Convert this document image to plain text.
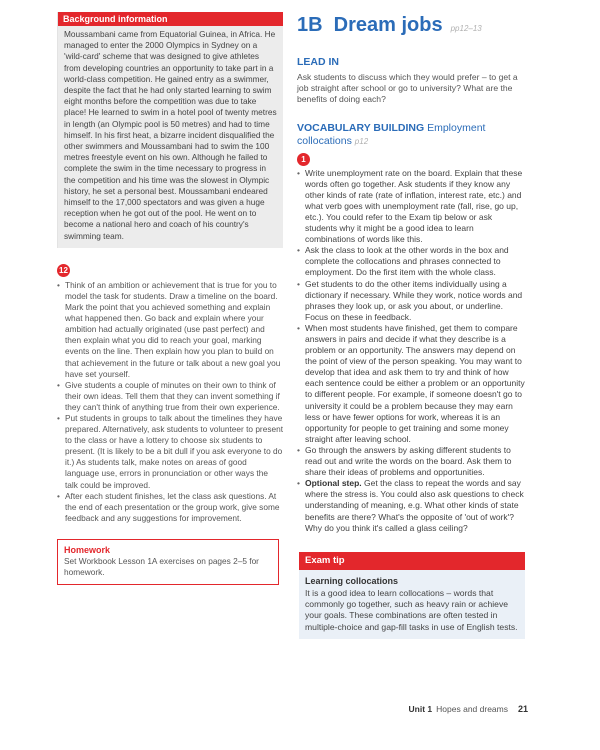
Background information
Moussambani came from Equatorial Guinea, in Africa. He managed to enter the 2000 Olympics in Sydney on a 'wild-card' scheme that was designed to give athletes from developing countries an opportunity to take part in a world-class competition. He gained entry as a swimmer, despite the fact that he had only started learning to swim eight months before the competition was due to take place! He learned to swim in a hotel pool of twenty metres in length (an Olympic pool is 50 metres) and had to time himself. In his first heat, a bizarre incident disqualified the other swimmers and Moussambani had to swim the 100 metres freestyle event on his own. Although he failed to complete the swim in the time necessary to progress in the competition and his time was the slowest in Olympic history, he set a personal best. Moussambani endeared himself to the 17,000 spectators and was given a huge reception when he got out of the pool. He went on to become a national hero and coach of his country's swimming team.
12
• Think of an ambition or achievement that is true for you to model the task for students. Draw a timeline on the board. Mark the point that you achieved something and explain what happened then. Go back and explain where your ambition had actually originated (use past perfect) and then explain what you did to reach your goal, marking events on the line. Then explain how you plan to build on that achievement in the future or talk about a new goal you have set yourself.
• Give students a couple of minutes on their own to think of their own ideas. Tell them that they can invent something if they can't think of anything true from their own experience.
• Put students in groups to talk about the timelines they have prepared. Alternatively, ask students to volunteer to present to the class or have a lottery to choose six students to present. (It is likely to be a bit dull if you ask everyone to do it.) As students talk, make notes on areas of good language use, errors in pronunciation or other ways the talk could be improved.
• After each student finishes, let the class ask questions. At the end of each presentation or the group work, give some feedback and any suggestions for improvement.
Homework
Set Workbook Lesson 1A exercises on pages 2–5 for homework.
1B  Dream jobs pp12–13
LEAD IN
Ask students to discuss which they would prefer – to get a job straight after school or go to university? What are the benefits of doing each?
VOCABULARY BUILDING Employment collocations p12
1
• Write unemployment rate on the board. Explain that these words often go together. Ask students if they know any other kinds of rate (rate of inflation, interest rate, etc.) and what verb goes with unemployment rate (fall, rise, go up, etc.). You could refer to the Exam tip below or ask students why it might be a good idea to learn combinations of words like this.
• Ask the class to look at the other words in the box and complete the collocations and phrases connected to employment. Do the first item with the whole class.
• Get students to do the other items individually using a dictionary if necessary. While they work, notice words and phrases they look up, or ask you about, or underline. Focus on these in feedback.
• When most students have finished, get them to compare answers in pairs and decide if what they describe is a problem or an opportunity. The answers may depend on the point of view of the person speaking. You may want to develop that idea and ask them to try and think of how each sentence could be either a problem or an opportunity to different people. For example, if someone doesn't go to university it could be a problem because they may earn less or have fewer options for work, whereas it is an opportunity for people to get training and some money straight after leaving school.
• Go through the answers by asking different students to read out and write the words on the board. Ask them to share their ideas of problems and opportunities.
• Optional step. Get the class to repeat the words and say where the stress is. You could also ask questions to check understanding of meaning, e.g. What other kinds of state benefits are there? What's the opposite of 'out of work'? Why do you think it's called a glass ceiling?
Exam tip
Learning collocations
It is a good idea to learn collocations – words that commonly go together, such as heavy rain or achieve your goals. These combinations are often tested in multiple-choice and gap-fill tasks in use of English tests.
Unit 1 Hopes and dreams 21
